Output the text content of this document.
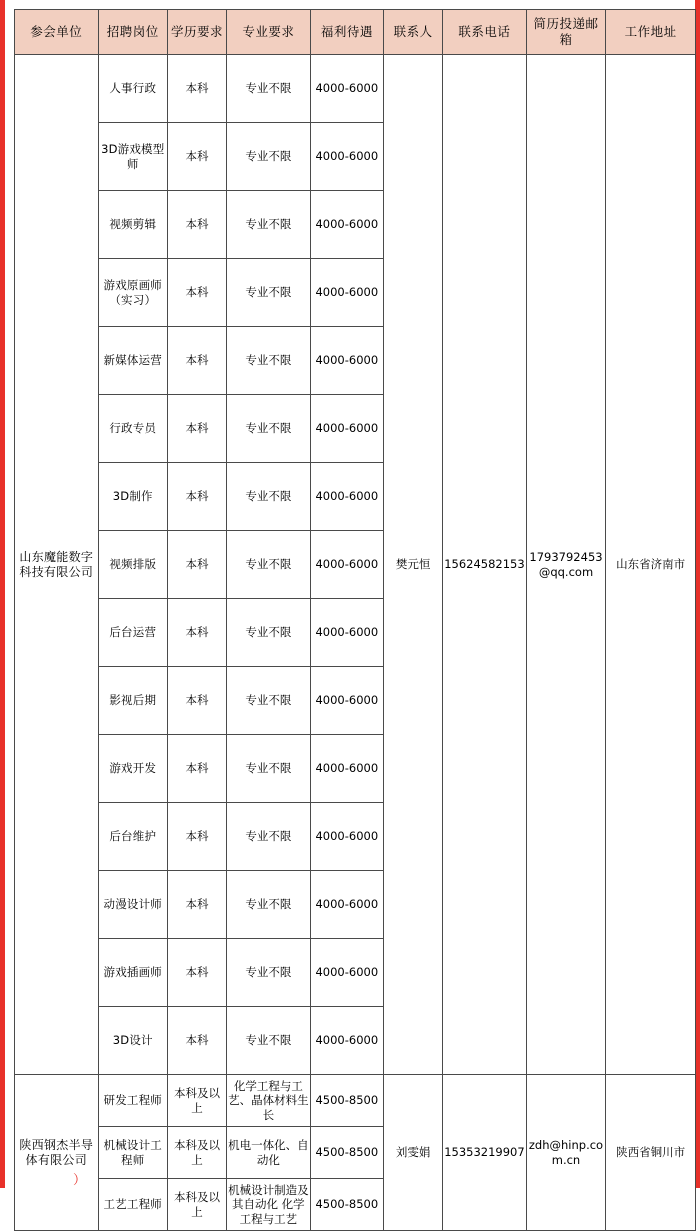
参会单位	招聘岗位	学历要求	专业要求	福利待遇	联系人	联系电话	简历投递邮箱	工作地址
山东魔能数字科技有限公司	人事行政	本科	专业不限	4000-6000	樊元恒	15624582153	1793792453@qq.com	山东省济南市
	3D游戏模型师	本科	专业不限	4000-6000				
	视频剪辑	本科	专业不限	4000-6000				
	游戏原画师（实习）	本科	专业不限	4000-6000				
	新媒体运营	本科	专业不限	4000-6000				
	行政专员	本科	专业不限	4000-6000				
	3D制作	本科	专业不限	4000-6000				
	视频排版	本科	专业不限	4000-6000				
	后台运营	本科	专业不限	4000-6000				
	影视后期	本科	专业不限	4000-6000				
	游戏开发	本科	专业不限	4000-6000				
	后台维护	本科	专业不限	4000-6000				
	动漫设计师	本科	专业不限	4000-6000				
	游戏插画师	本科	专业不限	4000-6000				
	3D设计	本科	专业不限	4000-6000				
陕西钢杰半导体有限公司	研发工程师	本科及以上	化学工程与工艺、晶体材料生长	4500-8500	刘雯娟	15353219907	zdh@hinp.com.cn	陕西省铜川市
	机械设计工程师	本科及以上	机电一体化、自动化	4500-8500				
	工艺工程师	本科及以上	机械设计制造及其自动化 化学工程与工艺	4500-8500				
）
